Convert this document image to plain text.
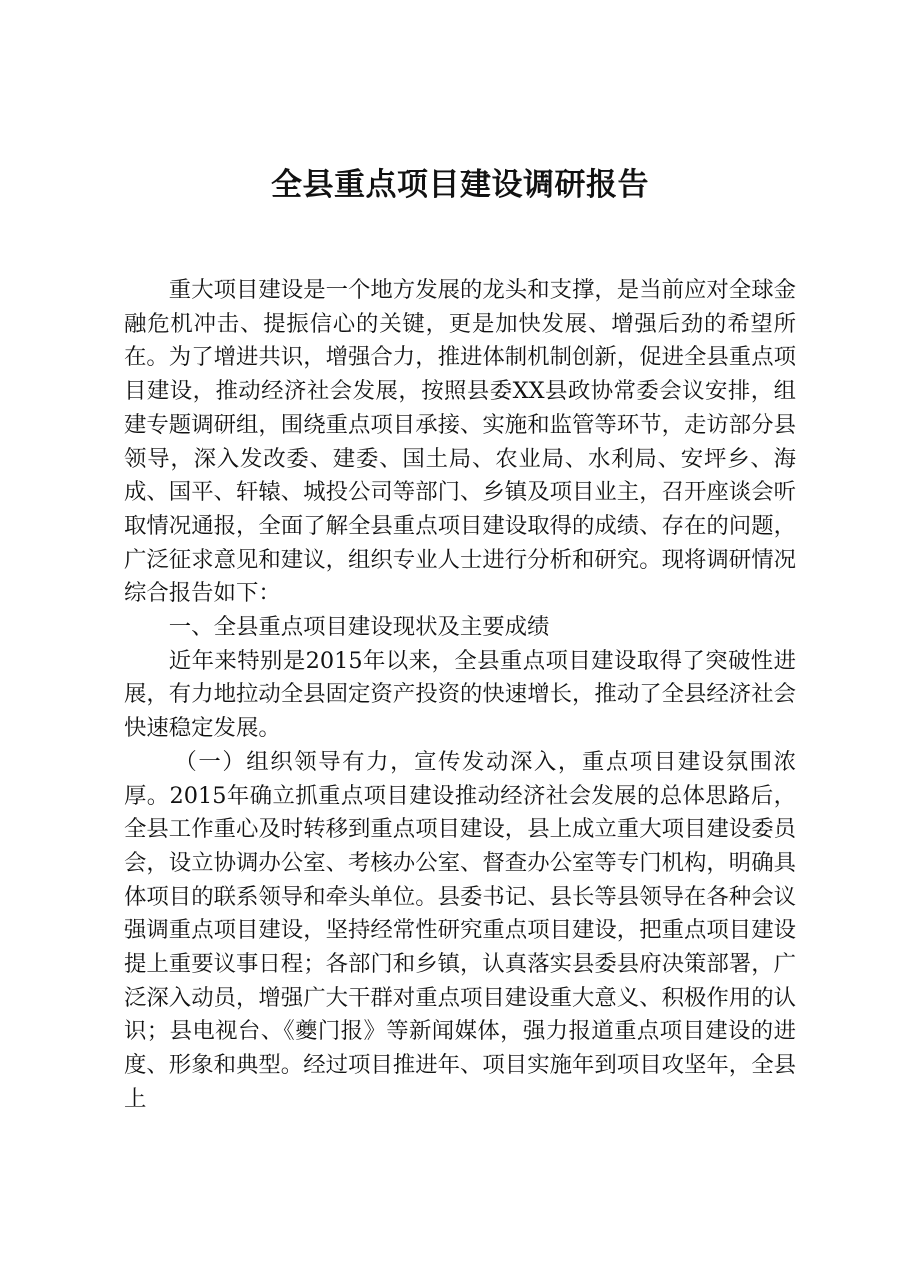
全县重点项目建设调研报告

重大项目建设是一个地方发展的龙头和支撑，是当前应对全球金融危机冲击、提振信心的关键，更是加快发展、增强后劲的希望所在。为了增进共识，增强合力，推进体制机制创新，促进全县重点项目建设，推动经济社会发展，按照县委XX县政协常委会议安排，组建专题调研组，围绕重点项目承接、实施和监管等环节，走访部分县领导，深入发改委、建委、国土局、农业局、水利局、安坪乡、海成、国平、轩辕、城投公司等部门、乡镇及项目业主，召开座谈会听取情况通报，全面了解全县重点项目建设取得的成绩、存在的问题，广泛征求意见和建议，组织专业人士进行分析和研究。现将调研情况综合报告如下：

一、全县重点项目建设现状及主要成绩

近年来特别是2015年以来，全县重点项目建设取得了突破性进展，有力地拉动全县固定资产投资的快速增长，推动了全县经济社会快速稳定发展。

（一）组织领导有力，宣传发动深入，重点项目建设氛围浓厚。2015年确立抓重点项目建设推动经济社会发展的总体思路后，全县工作重心及时转移到重点项目建设，县上成立重大项目建设委员会，设立协调办公室、考核办公室、督查办公室等专门机构，明确具体项目的联系领导和牵头单位。县委书记、县长等县领导在各种会议强调重点项目建设，坚持经常性研究重点项目建设，把重点项目建设提上重要议事日程；各部门和乡镇，认真落实县委县府决策部署，广泛深入动员，增强广大干群对重点项目建设重大意义、积极作用的认识；县电视台、《夔门报》等新闻媒体，强力报道重点项目建设的进度、形象和典型。经过项目推进年、项目实施年到项目攻坚年，全县上
